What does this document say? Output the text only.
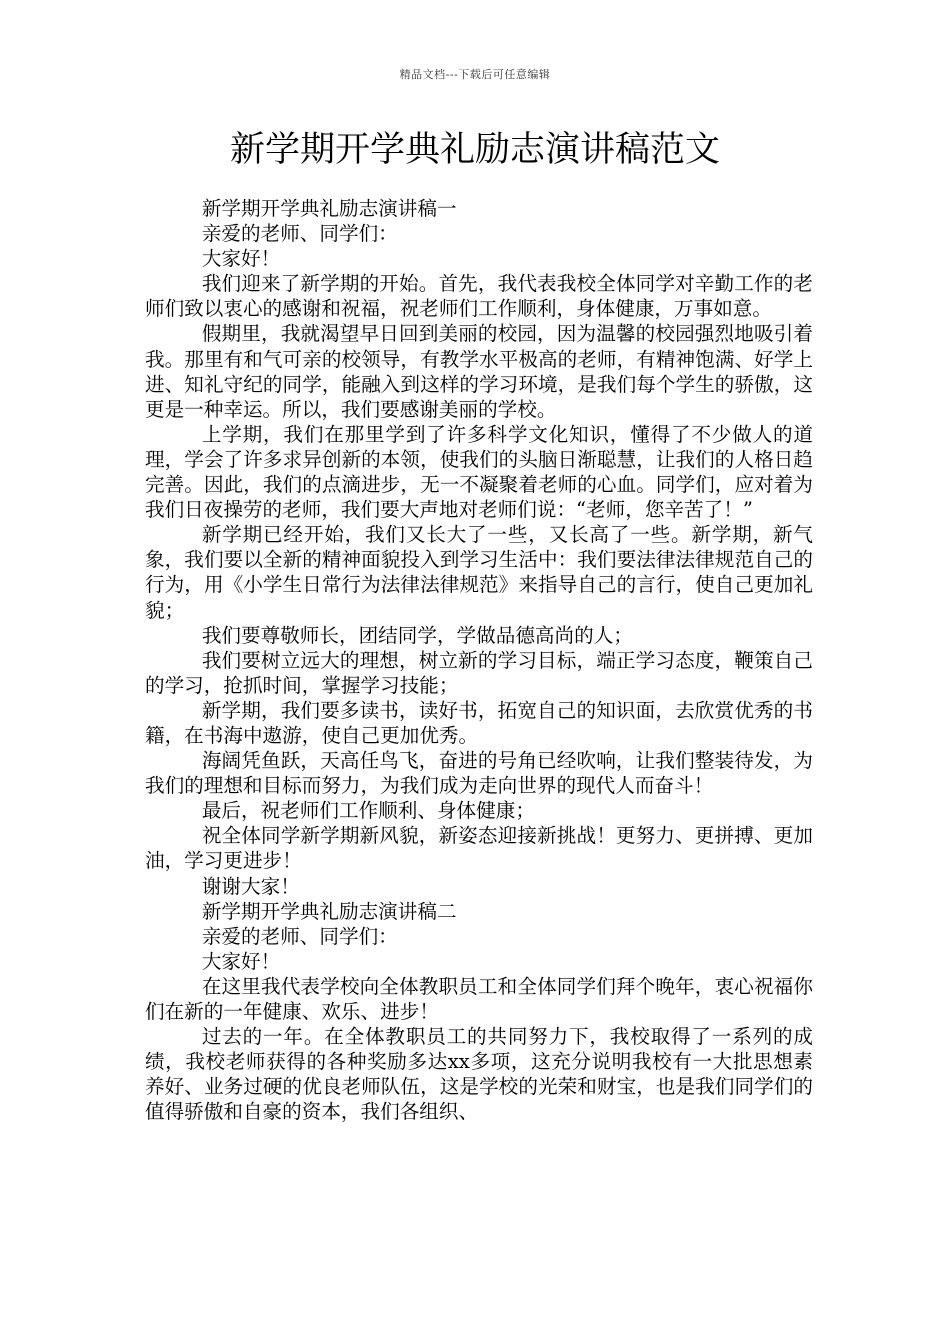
精品文档---下载后可任意编辑
新学期开学典礼励志演讲稿范文

新学期开学典礼励志演讲稿一

亲爱的老师、同学们：

大家好！

我们迎来了新学期的开始。首先，我代表我校全体同学对辛勤工作的老师们致以衷心的感谢和祝福，祝老师们工作顺利，身体健康，万事如意。

假期里，我就渴望早日回到美丽的校园，因为温馨的校园强烈地吸引着我。那里有和气可亲的校领导，有教学水平极高的老师，有精神饱满、好学上进、知礼守纪的同学，能融入到这样的学习环境，是我们每个学生的骄傲，这更是一种幸运。所以，我们要感谢美丽的学校。

上学期，我们在那里学到了许多科学文化知识，懂得了不少做人的道理，学会了许多求异创新的本领，使我们的头脑日渐聪慧，让我们的人格日趋完善。因此，我们的点滴进步，无一不凝聚着老师的心血。同学们，应对着为我们日夜操劳的老师，我们要大声地对老师们说：“老师，您辛苦了！”

新学期已经开始，我们又长大了一些，又长高了一些。新学期，新气象，我们要以全新的精神面貌投入到学习生活中：我们要法律法律规范自己的行为，用《小学生日常行为法律法律规范》来指导自己的言行，使自己更加礼貌；

我们要尊敬师长，团结同学，学做品德高尚的人；

我们要树立远大的理想，树立新的学习目标，端正学习态度，鞭策自己的学习，抢抓时间，掌握学习技能；

新学期，我们要多读书，读好书，拓宽自己的知识面，去欣赏优秀的书籍，在书海中遨游，使自己更加优秀。

海阔凭鱼跃，天高任鸟飞，奋进的号角已经吹响，让我们整装待发，为我们的理想和目标而努力，为我们成为走向世界的现代人而奋斗！

最后，祝老师们工作顺利、身体健康；

祝全体同学新学期新风貌，新姿态迎接新挑战！更努力、更拼搏、更加油，学习更进步！

谢谢大家！

新学期开学典礼励志演讲稿二

亲爱的老师、同学们：

大家好！

在这里我代表学校向全体教职员工和全体同学们拜个晚年，衷心祝福你们在新的一年健康、欢乐、进步！

过去的一年。在全体教职员工的共同努力下，我校取得了一系列的成绩，我校老师获得的各种奖励多达xx多项，这充分说明我校有一大批思想素养好、业务过硬的优良老师队伍，这是学校的光荣和财宝，也是我们同学们的值得骄傲和自豪的资本，我们各组织、
